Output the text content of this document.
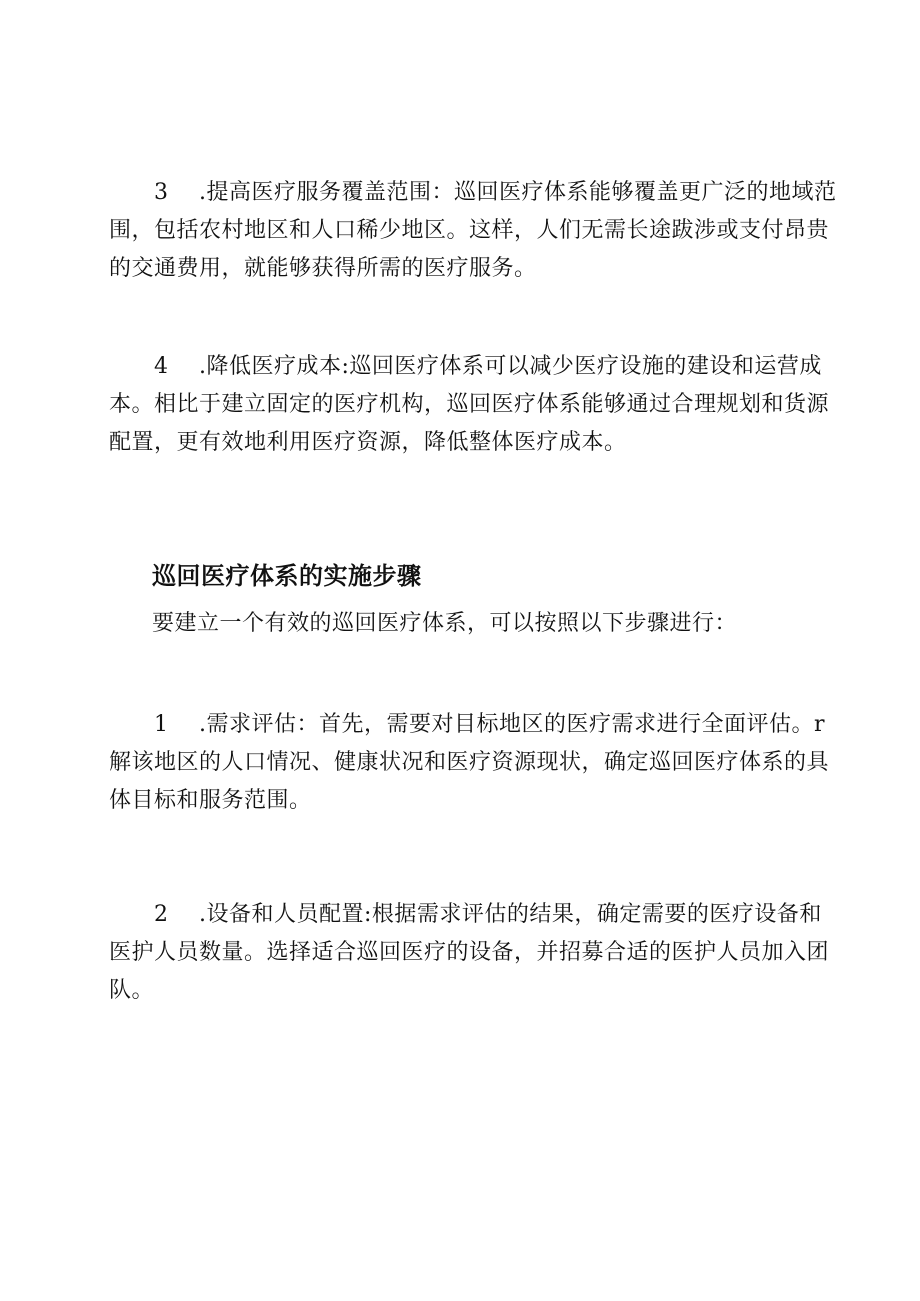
3 .提高医疗服务覆盖范围：巡回医疗体系能够覆盖更广泛的地域范围，包括农村地区和人口稀少地区。这样，人们无需长途跋涉或支付昂贵的交通费用，就能够获得所需的医疗服务。

4 .降低医疗成本:巡回医疗体系可以减少医疗设施的建设和运营成本。相比于建立固定的医疗机构，巡回医疗体系能够通过合理规划和货源配置，更有效地利用医疗资源，降低整体医疗成本。

巡回医疗体系的实施步骤

要建立一个有效的巡回医疗体系，可以按照以下步骤进行：

1 .需求评估：首先，需要对目标地区的医疗需求进行全面评估。r解该地区的人口情况、健康状况和医疗资源现状，确定巡回医疗体系的具体目标和服务范围。

2 .设备和人员配置:根据需求评估的结果，确定需要的医疗设备和医护人员数量。选择适合巡回医疗的设备，并招募合适的医护人员加入团队。
